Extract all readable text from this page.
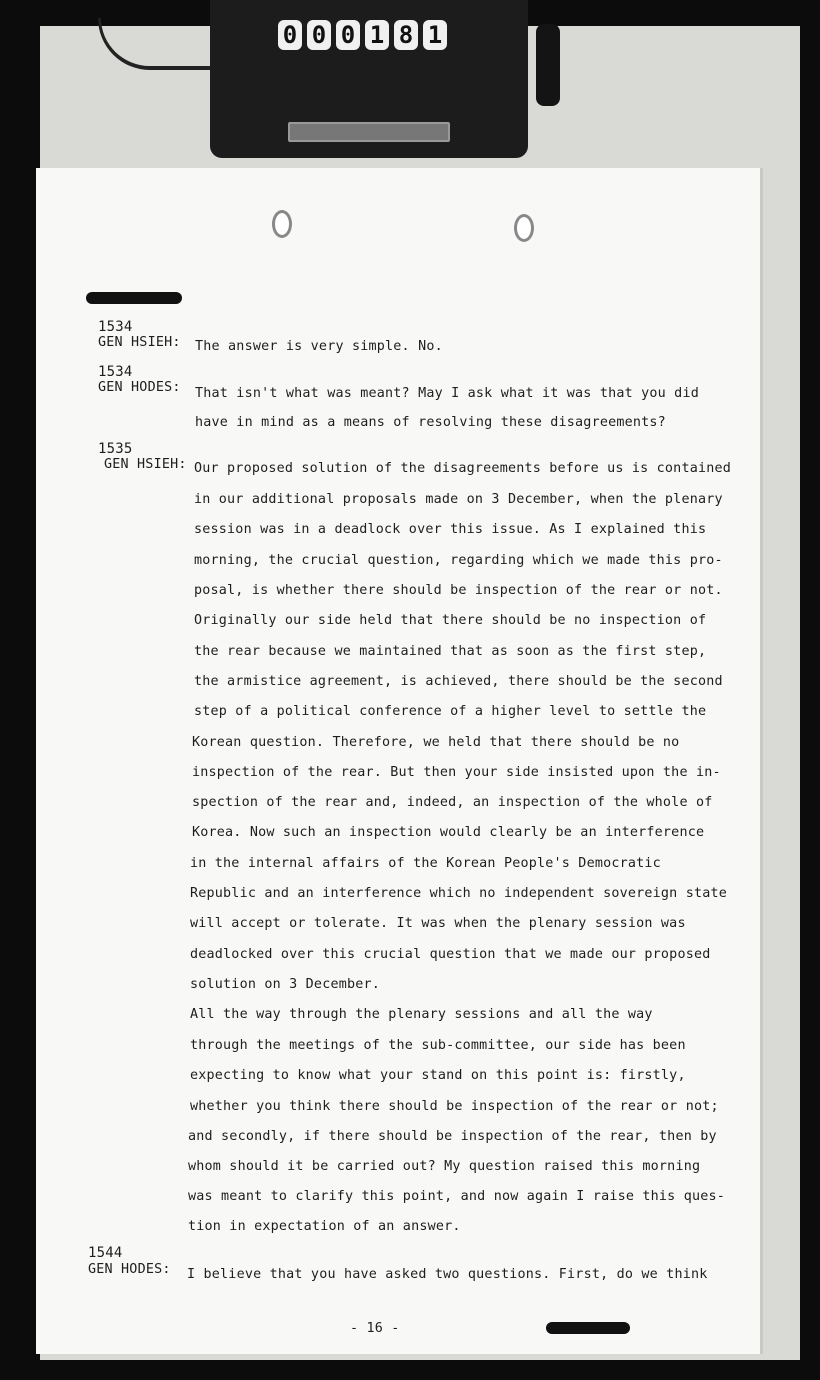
0 0 0 1 8 1
1534
GEN HSIEH: The answer is very simple. No.
1534
GEN HODES: That isn't what was meant? May I ask what it was that you did
have in mind as a means of resolving these disagreements?
1535
GEN HSIEH: Our proposed solution of the disagreements before us is contained
in our additional proposals made on 3 December, when the plenary
session was in a deadlock over this issue. As I explained this
morning, the crucial question, regarding which we made this pro-
posal, is whether there should be inspection of the rear or not.
Originally our side held that there should be no inspection of
the rear because we maintained that as soon as the first step,
the armistice agreement, is achieved, there should be the second
step of a political conference of a higher level to settle the
Korean question. Therefore, we held that there should be no
inspection of the rear. But then your side insisted upon the in-
spection of the rear and, indeed, an inspection of the whole of
Korea. Now such an inspection would clearly be an interference
in the internal affairs of the Korean People's Democratic
Republic and an interference which no independent sovereign state
will accept or tolerate. It was when the plenary session was
deadlocked over this crucial question that we made our proposed
solution on 3 December.
All the way through the plenary sessions and all the way
through the meetings of the sub-committee, our side has been
expecting to know what your stand on this point is: firstly,
whether you think there should be inspection of the rear or not;
and secondly, if there should be inspection of the rear, then by
whom should it be carried out? My question raised this morning
was meant to clarify this point, and now again I raise this ques-
tion in expectation of an answer.
1544
GEN HODES: I believe that you have asked two questions. First, do we think
- 16 -
